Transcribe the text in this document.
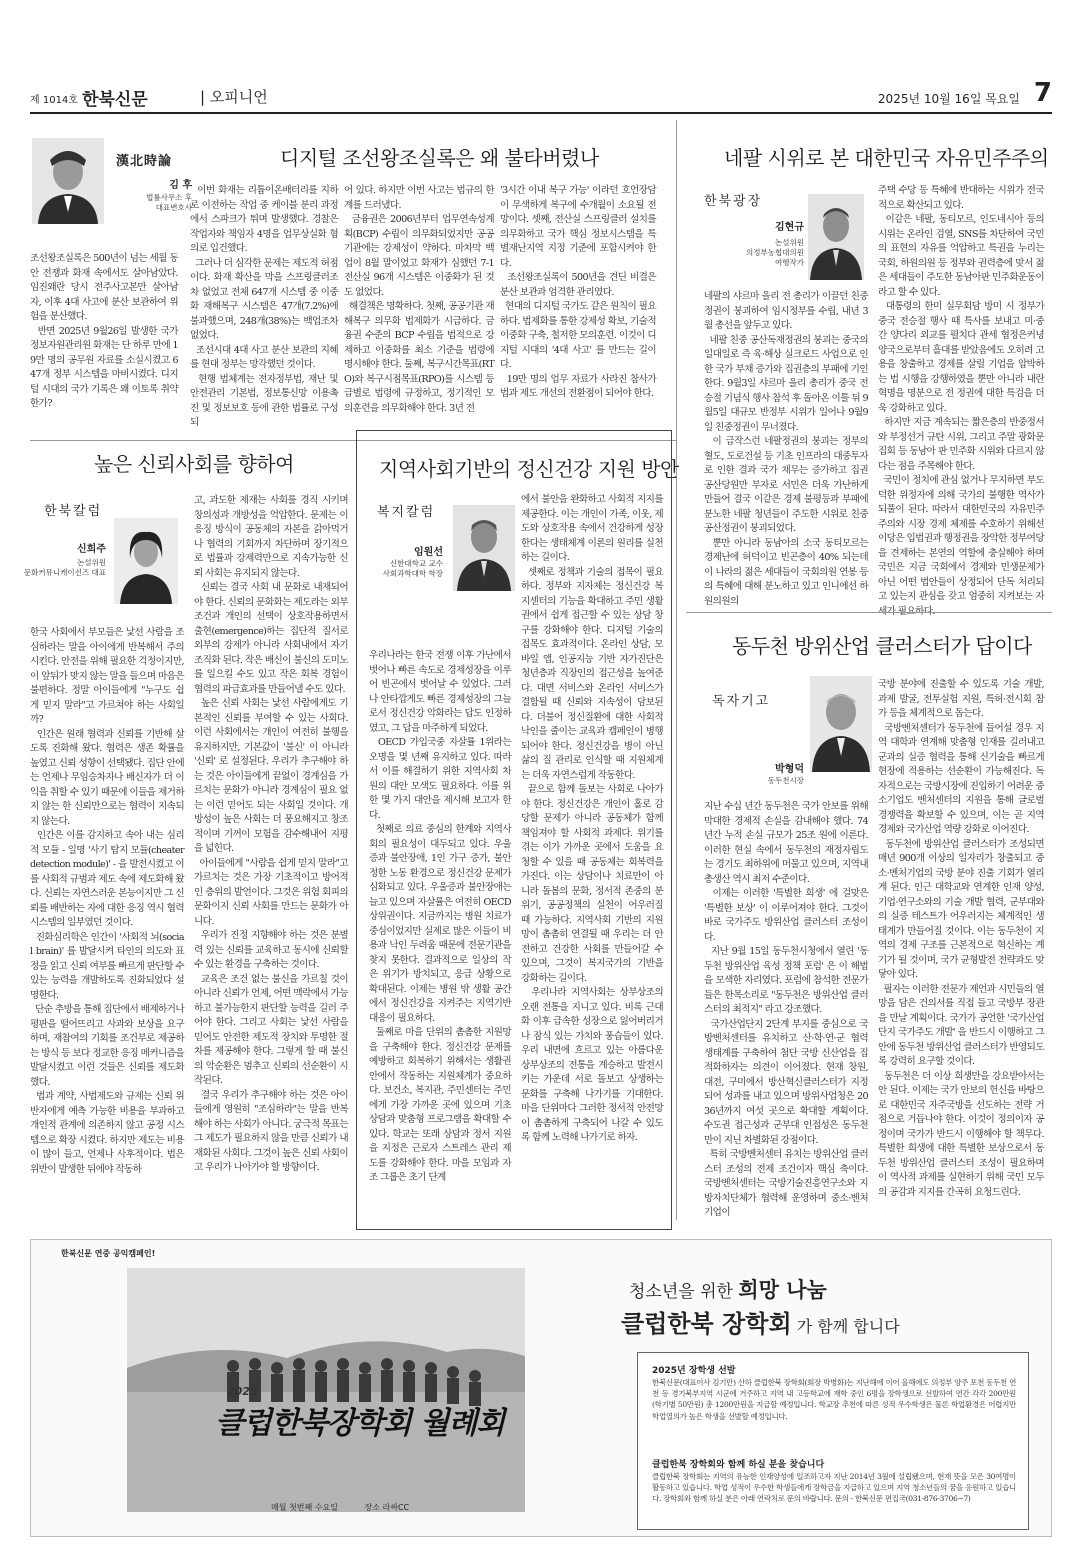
제 1014호 한북신문	| 오피니언	2025년 10월 16일 목요일 7
漢北時論
김 후
법률사무소 후
대표변호사
디지털 조선왕조실록은 왜 불타버렸나
조선왕조실록은 500년이 넘는 세월 동안 전쟁과 화재 속에서도 살아남았다. 임진왜란 당시 전주사고본만 살아남자, 이후 4대 사고에 분산 보관하여 위험을 분산했다.
반면 2025년 9월26일 발생한 국가정보자원관리원 화재는 단 하루 만에 19만 명의 공무원 자료를 소실시켰고 647개 정부 시스템을 마비시켰다. 디지털 시대의 국가 기록은 왜 이토록 취약한가?
이번 화재는 리튬이온배터리를 지하로 이전하는 작업 중 케이블 분리 과정에서 스파크가 튀며 발생했다. 경찰은 작업자와 책임자 4명을 업무상실화 혐의로 입건했다.
그러나 더 심각한 문제는 제도적 허점이다. 화재 확산을 막을 스프링클러조차 없었고 전체 647개 시스템 중 이중화 재해복구 시스템은 47개(7.2%)에 불과했으며, 248개(38%)는 백업조차 없었다.
조선시대 4대 사고 분산 보관의 지혜를 현대 정부는 망각했던 것이다.
현행 법체계는 전자정부법, 재난 및 안전관리 기본법, 정보통신망 이용촉진 및 정보보호 등에 관한 법률로 구성되
어 있다. 하지만 이번 사고는 법규의 한계를 드러냈다.
금융권은 2006년부터 업무연속성계획(BCP) 수립이 의무화되었지만 공공기관에는 강제성이 약하다. 마차막 백업이 8월 말이었고 화재가 심했던 7-1 전산실 96개 시스템은 이중화가 된 것도 없었다.
해결책은 명확하다. 첫째, 공공기관 재해복구 의무화 법제화가 시급하다. 금융권 수준의 BCP 수립을 법적으로 강제하고 이중화를 최소 기준을 법령에 명시해야 한다. 둘째, 복구시간목표(RTO)와 복구시점목표(RPO)를 시스템 등급별로 법령에 규정하고, 정기적인 모의훈련을 의무화해야 한다. 3년 전
'3시간 이내 복구 가능' 이라던 호언장담이 무색하게 복구에 수개월이 소요될 전망이다. 셋째, 전산실 스프링클러 설치를 의무화하고 국가 핵심 정보시스템을 특별재난지역 지정 기준에 포함시켜야 한다.
조선왕조실록이 500년을 견딘 비결은 분산 보관과 엄격한 관리였다.
현대의 디지털 국가도 같은 원칙이 필요하다. 법제화를 통한 강제성 확보, 기술적 이중화 구축, 철저한 모의훈련. 이것이 디지털 시대의 '4대 사고' 를 만드는 길이다.
19만 명의 업무 자료가 사라진 참사가 법과 제도 개선의 전환점이 되어야 한다.
네팔 시위로 본 대한민국 자유민주주의
한북광장
김현규
논설위원
의정부농협대의원
여행작가
네팔의 샤르마 올리 전 총리가 이끌던 친중 정권이 붕괴하여 임시정부를 수립, 내년 3월 총선을 앞두고 있다.
네팔 친중 공산독재정권의 붕괴는 중국의 일대일로 즉 육·해상 실크로드 사업으로 인한 국가 부채 증가와 집권층의 부패에 기인한다. 9월3일 샤르마 올리 총리가 중국 전승절 기념식 행사 참석 후 돌아온 이틀 뒤 9월5일 대규모 반정부 시위가 일어나 9월9일 친중정권이 무너졌다.
이 급작스런 네팔정권의 붕괴는 정부의 혈도, 도로건설 등 기초 인프라의 대중투자로 인한 결과 국가 채무는 증가하고 집권 공산당원만 부자로 서민은 더욱 가난하게 만들어 결국 이같은 경제 불평등과 부패에 분노한 네팔 청년들이 주도한 시위로 친중 공산정권이 붕괴되었다.
뿐만 아니라 동남아의 소국 동티모르는 경제난에 허덕이고 빈곤층이 40% 되는데 이 나라의 젊은 세대들이 국회의원 연봉 등의 특혜에 대해 분노하고 있고 인니에선 하원의원의
주택 수당 등 특혜에 반대하는 시위가 전국적으로 확산되고 있다.
이같은 네팔, 동티모르, 인도네시아 등의 시위는 온라인 검열, SNS를 차단하여 국민의 표현의 자유를 억압하고 특권을 누리는 국회, 하원의원 등 정부와 권력층에 맞서 젊은 세대들이 주도한 동남아판 민주화운동이라고 할 수 있다.
대통령의 한미 실무회담 방미 시 정부가 중국 전승절 행사 때 특사를 보내고 미·중 간 양다리 외교를 펼치다 관세 협정은커녕 양국으로부터 흘대를 받았음에도 오히려 고용을 창출하고 경제를 살릴 기업을 압박하는 법 시행을 강행하였을 뿐만 아니라 내란혁명을 명분으로 전 정권에 대한 특검을 더욱 강화하고 있다.
하지만 지금 계속되는 짧은층의 반중정서와 부정선거 규탄 시위, 그리고 주말 광화문 집회 등 동남아 판 민주화 시위와 다르지 않다는 점을 주목해야 한다.
국민이 정치에 관심 없거나 무지하면 부도덕한 위정자에 의해 국가의 불행한 역사가 되풀이 된다. 따라서 대한민국의 자유민주주의와 시장 경제 체제를 수호하기 위해선 이당은 입법권과 행정권을 장악한 정부여당을 견제하는 본연의 역할에 충실해야 하며 국민은 지금 국회에서 경제와 민생문제가 아닌 어떤 법안들이 상정되어 단독 처리되고 있는지 관심을 갖고 엄중히 지켜보는 자세가 필요하다.
높은 신뢰사회를 향하여
한북칼럼
신희주
논설위원
문화커뮤니케이션즈 대표
한국 사회에서 부모들은 낯선 사람을 조심하라는 말을 아이에게 반복해서 주의 시킨다. 안전을 위해 필요한 걱정이지만, 이 앞뒤가 맞지 않는 말을 들으며 마음은 불편하다. 정말 아이들에게 "누구도 쉽게 믿지 말라"고 가르쳐야 하는 사회일까?
인간은 원래 협력과 신뢰를 기반해 살도록 진화해 왔다. 협력은 생존 확률을 높였고 신뢰 성향이 선택됐다. 집단 안에는 언제나 무임승차자나 배신자가 더 이익을 취할 수 있기 때문에 이들을 제거하지 않는 한 신뢰만으로는 협력이 지속되지 않는다.
인간은 이를 감지하고 속아 내는 심리적 모듈 - 일명 '사기 탐지 모듈(cheater detection module)' - 을 발전시켰고 이를 사회적 규범과 제도 속에 제도화해 왔다. 신뢰는 자연스러운 본능이지만 그 신뢰를 배반하는 자에 대한 응징 역시 협력 시스템의 일부였던 것이다.
진화심리학은 인간이 '사회적 뇌(social brain)' 를 발달시켜 타인의 의도와 표정을 읽고 신뢰 여부를 빠르게 판단할 수 있는 능력을 개발하도록 진화되었다 설명한다.
단순 추방을 통해 집단에서 배제하거나 평판을 떨어뜨리고 사과와 보상을 요구하며, 재참여의 기회를 조건부로 제공하는 방식 등 보다 정교한 응징 메커니즘을 발달시켰고 이런 것들은 신뢰를 제도화했다.
법과 계약, 사법제도와 규제는 신뢰 위반자에게 예측 가능한 비용을 부과하고 개인적 관계에 의존하지 않고 공정 시스템으로 확장 시켰다. 하지만 제도는 비용이 많이 들고, 언제나 사후적이다. 법은 위반이 발생한 뒤에야 작동하
고, 과도한 제재는 사회를 경직 시키며 창의성과 개방성을 억압한다. 문제는 이 응징 방식이 공동체의 자본을 갉아먹거나 협력의 기회까지 차단하며 장기적으로 법률과 강제력만으로 지속가능한 신뢰 사회는 유지되지 않는다.
신뢰는 결국 사회 내 문화로 내재되어야 한다. 신뢰의 문화화는 제도라는 외부 조건과 개인의 선택이 상호작용하면서 출현(emergence)하는 집단적 질서로 외부의 강제가 아니라 사회내에서 자기조직화 된다. 작은 배신이 불신의 도미노를 일으킬 수도 있고 작은 회복 경험이 협력의 파급효과를 만들어낼 수도 있다.
높은 신뢰 사회는 낯선 사람에게도 기본적인 신뢰를 부여할 수 있는 사회다. 이런 사회에서는 개인이 여전히 불행을 유지하지만, 기본값이 '불신' 이 아니라 '신뢰' 로 설정된다. 우리가 추구해야 하는 것은 아이들에게 끝없이 경계심을 가르치는 문화가 아니라 경계심이 필요 없는 이런 믿어도 되는 사회일 것이다. 개방성이 높은 사회는 더 풍요해지고 창조적이며 기꺼이 모험을 감수해내어 지평을 넓힌다.
아이들에게 "사람을 쉽게 믿지 말라"고 가르치는 것은 가장 기초적이고 방어적인 층위의 발언이다. 그것은 위험 회피의 문화이지 신뢰 사회를 만드는 문화가 아니다.
우리가 진정 지향해야 하는 것은 분별력 있는 신뢰를 교육하고 동시에 신뢰할 수 있는 환경을 구축하는 것이다.
교육은 조건 없는 불신을 가르칠 것이 아니라 신뢰가 언제, 어떤 맥락에서 가능하고 불가능한지 판단할 능력을 길러 주어야 한다. 그리고 사회는 낯선 사람을 믿어도 안전한 제도적 장치와 투명한 절차를 제공해야 한다. 그렇게 할 때 불신의 악순환은 멈추고 신뢰의 선순환이 시작된다.
결국 우리가 추구해야 하는 것은 아이들에게 영원히 "조심하라"는 말을 반복해야 하는 사회가 아니다. 궁극적 목표는 그 제도가 필요하지 않을 만큼 신뢰가 내재화된 사회다. 그것이 높은 신뢰 사회이고 우리가 나아가야 할 방향이다.
지역사회기반의 정신건강 지원 방안
복지칼럼
임원선
신한대학교 교수
사회과학대학 학장
우리나라는 한국 전쟁 이후 가난에서 벗어나 빠른 속도로 경제성장을 이루어 빈곤에서 벗어날 수 있었다. 그러나 안타깝게도 빠른 경제성장의 그늘로서 정신건강 악화라는 답도 인정하였고, 그 답을 마주하게 되었다.
OECD 가입국중 자살률 1위라는 오명을 몇 년째 유지하고 있다. 따라서 이를 해결하기 위한 지역사회 차원의 대안 모색도 필요하다. 이를 위한 몇 가지 대안을 제시해 보고자 한다.
첫째로 의료 중심의 한계와 지역사회의 필요성이 대두되고 있다. 우울증과 불안장애, 1인 가구 증가, 불안정한 노동 환경으로 정신건강 문제가 심화되고 있다. 우울증과 불안장애는 늘고 있으며 자살률은 여전히 OECD 상위권이다. 지금까지는 병원 치료가 중심이었지만 실제로 많은 이들이 비용과 낙인 두려움 때문에 전문기관을 찾지 못한다. 결과적으로 일상의 작은 위기가 방치되고, 응급 상황으로 확대된다. 이제는 병원 밖 생활 공간에서 정신건강을 지켜주는 지역기반 대응이 필요하다.
둘째로 마을 단위의 촘촘한 지원망을 구축해야 한다. 정신건강 문제를 예방하고 회복하기 위해서는 생활권 안에서 작동하는 지원체계가 중요하다. 보건소, 복지관, 주민센터는 주민에게 가장 가까운 곳에 있으며 기초 상담과 맞춤형 프로그램을 확대할 수 있다. 학교는 또래 상담과 정서 지원을 지정은 근로자 스트레스 관리 제도를 강화해야 한다. 마을 모임과 자조 그룹은 초기 단계
에서 불안을 완화하고 사회적 지지를 제공한다. 이는 개인이 가족, 이웃, 제도와 상호작용 속에서 건강하게 성장한다는 생태체계 이론의 원리를 실천하는 길이다.
셋째로 정책과 기술의 접목이 필요하다. 정부와 지자체는 정신건강 복지센터의 기능을 확대하고 주민 생활권에서 쉽게 접근할 수 있는 상담 창구를 강화해야 한다. 디지털 기술의 접목도 효과적이다. 온라인 상담, 모바일 앱, 인공지능 기반 자가진단은 청년층과 직장인의 접근성을 높여준다. 대면 서비스와 온라인 서비스가 결합될 때 신뢰와 지속성이 담보된다. 더불어 정신질환에 대한 사회적 낙인을 줄이는 교육과 캠페인이 병행되어야 한다. 정신건강을 병이 아닌 삶의 질 관리로 인식할 때 지원체계는 더욱 자연스럽게 작동한다.
끝으로 함께 돌보는 사회로 나아가야 한다. 정신건강은 개인이 홀로 감당할 문제가 아니라 공동체가 함께 책임져야 할 사회적 과제다. 위기를 겪는 이가 가까운 곳에서 도움을 요청할 수 있을 때 공동체는 회복력을 가진다. 이는 상담이나 치료만이 아니라 돌봄의 문화, 정서적 존중의 분위기, 공공정책의 실천이 어우러질 때 가능하다. 지역사회 기반의 지원망이 촘촘히 연결될 때 우리는 더 안전하고 건강한 사회를 만들어갈 수 있으며, 그것이 복지국가의 기반을 강화하는 길이다.
우리나라 지역사회는 상부상조의 오랜 전통을 지니고 있다. 비록 근대화 이후 급속한 성장으로 잃어버리거나 잠식 있는 가치와 풍습들이 있다. 우리 내면에 흐르고 있는 아름다운 상부상조의 전통을 계승하고 발전시키는 가운데 서로 돌보고 상생하는 문화를 구축해 나가기를 기대한다. 마을 단위마다 그러한 정서적 안전망이 촘촘하게 구축되어 나갈 수 있도록 함께 노력해 나가기로 하자.
동두천 방위산업 클러스터가 답이다
독자기고
박형덕
동두천시장
지난 수십 년간 동두천은 국가 안보를 위해 막대한 경제적 손실을 감내해야 했다. 74년간 누적 손실 규모가 25조 원에 이른다. 이러한 현실 속에서 동두천의 재정자립도는 경기도 최하위에 머물고 있으며, 지역내총생산 역시 최저 수준이다.
이제는 이러한 '특별한 희생' 에 걸맞은 '특별한 보상' 이 이루어져야 한다. 그것이 바로 국가주도 방위산업 클러스터 조성이다.
지난 9월 15일 동두천시청에서 열린 '동두천 방위산업 육성 정책 포럼' 은 이 해법을 모색한 자리였다. 포럼에 참석한 전문가들은 한목소리로 "동두천은 방위산업 클러스터의 최적지" 라고 강조했다.
국가산업단지 2단계 부지를 중심으로 국방벤처센터를 유치하고 산·학·연·군 협력 생태계를 구축하여 첨단 국방 신산업을 집적화하자는 의견이 이어졌다. 현재 창원, 대전, 구미에서 방산혁신클러스터가 지정되어 성과를 내고 있으며 방위사업청은 2036년까지 여섯 곳으로 확대할 계획이다. 수도권 접근성과 군부대 인접성은 동두천만이 지닌 차별화된 강점이다.
특히 국방벤처센터 유치는 방위산업 클러스터 조성의 전제 조건이자 핵심 축이다. 국방벤처센터는 국방기술진흥연구소와 지방자치단체가 협력해 운영하며 중소·벤처기업이
국방 분야에 진출할 수 있도록 기술 개발, 과제 발굴, 전투실험 지원, 특허·전시회 참가 등을 체계적으로 돕는다.
국방벤처센터가 동두천에 들어설 경우 지역 대학과 연계해 맞춤형 인재를 길러내고 군과의 실증 협력을 통해 신기술을 빠르게 현장에 적용하는 선순환이 가능해진다. 독자적으로는 국방시장에 진입하기 어려운 중소기업도 벤처센터의 지원을 통해 글로벌 경쟁력을 확보할 수 있으며, 이는 곧 지역 경제와 국가산업 역량 강화로 이어진다.
동두천에 방위산업 클러스터가 조성되면 매년 900개 이상의 일자리가 창출되고 중소·벤처기업의 국방 분야 진출 기회가 열리게 된다. 인근 대학교와 연계한 인재 양성, 기업·연구소와의 기술 개발 협력, 군부대와의 실증 테스트가 어우러지는 체계적인 생태계가 만들어질 것이다. 이는 동두천이 지역의 경제 구조를 근본적으로 혁신하는 계기가 될 것이며, 국가 균형발전 전략과도 맞닿아 있다.
필자는 이러한 전문가 제언과 시민들의 열망을 담은 건의서를 직접 들고 국방부 장관을 만날 계획이다. 국가가 공언한 '국가산업단지 국가주도 개발' 을 반드시 이행하고 그 안에 동두천 방위산업 클러스터가 반영되도록 강력히 요구할 것이다.
동두천은 더 이상 희생만을 강요받아서는 안 된다. 이제는 국가 안보의 헌신을 바탕으로 대한민국 자주국방을 선도하는 전략 거점으로 거듭나야 한다. 이것이 정의이자 공정이며 국가가 반드시 이행해야 할 책무다. 특별한 희생에 대한 특별한 보상으로서 동두천 방위산업 클러스터 조성이 필요하며 이 역사적 과제를 실현하기 위해 국민 모두의 공감과 지지를 간곡히 요청드린다.
한북신문 연중 공익캠페인!
2025
클럽한북장학회 월례회
매월 첫번째 수요일	장소 라싸CC
청소년을 위한 희망 나눔
클럽한북 장학회 가 함께 합니다
2025년 장학생 선발
한북신문(대표이사 김기만) 산하 클럽한북 장학회(회장 박병화)는 지난해에 이어 올해에도 의정부 양주 포천 동두천 연천 등 경기북부지역 시군에 거주하고 지역 내 고등학교에 재학 중인 6명을 장학생으로 선발하여 연간 각각 200만원(학기별 50만원) 총 1200만원을 지급할 예정입니다. 학교장 추천에 따른 성적 우수학생은 물론 학업환경은 어렵지만 학업열의가 높은 학생을 선발할 예정입니다.
클럽한북 장학회와 함께 하실 분을 찾습니다
클럽한북 장학회는 지역의 유능한 인재양성에 일조하고자 지난 2014년 3월에 설립됐으며, 현재 뜻을 모은 30여명이 활동하고 있습니다. 학업 성적이 우수한 학생들에게 장학금을 지급하고 있으며 지역 청소년들의 꿈을 응원하고 있습니다. 장학회와 함께 하실 분은 아래 연락처로 문의 바랍니다. 문의 - 한북신문 편집국(031-876-3706~7)
